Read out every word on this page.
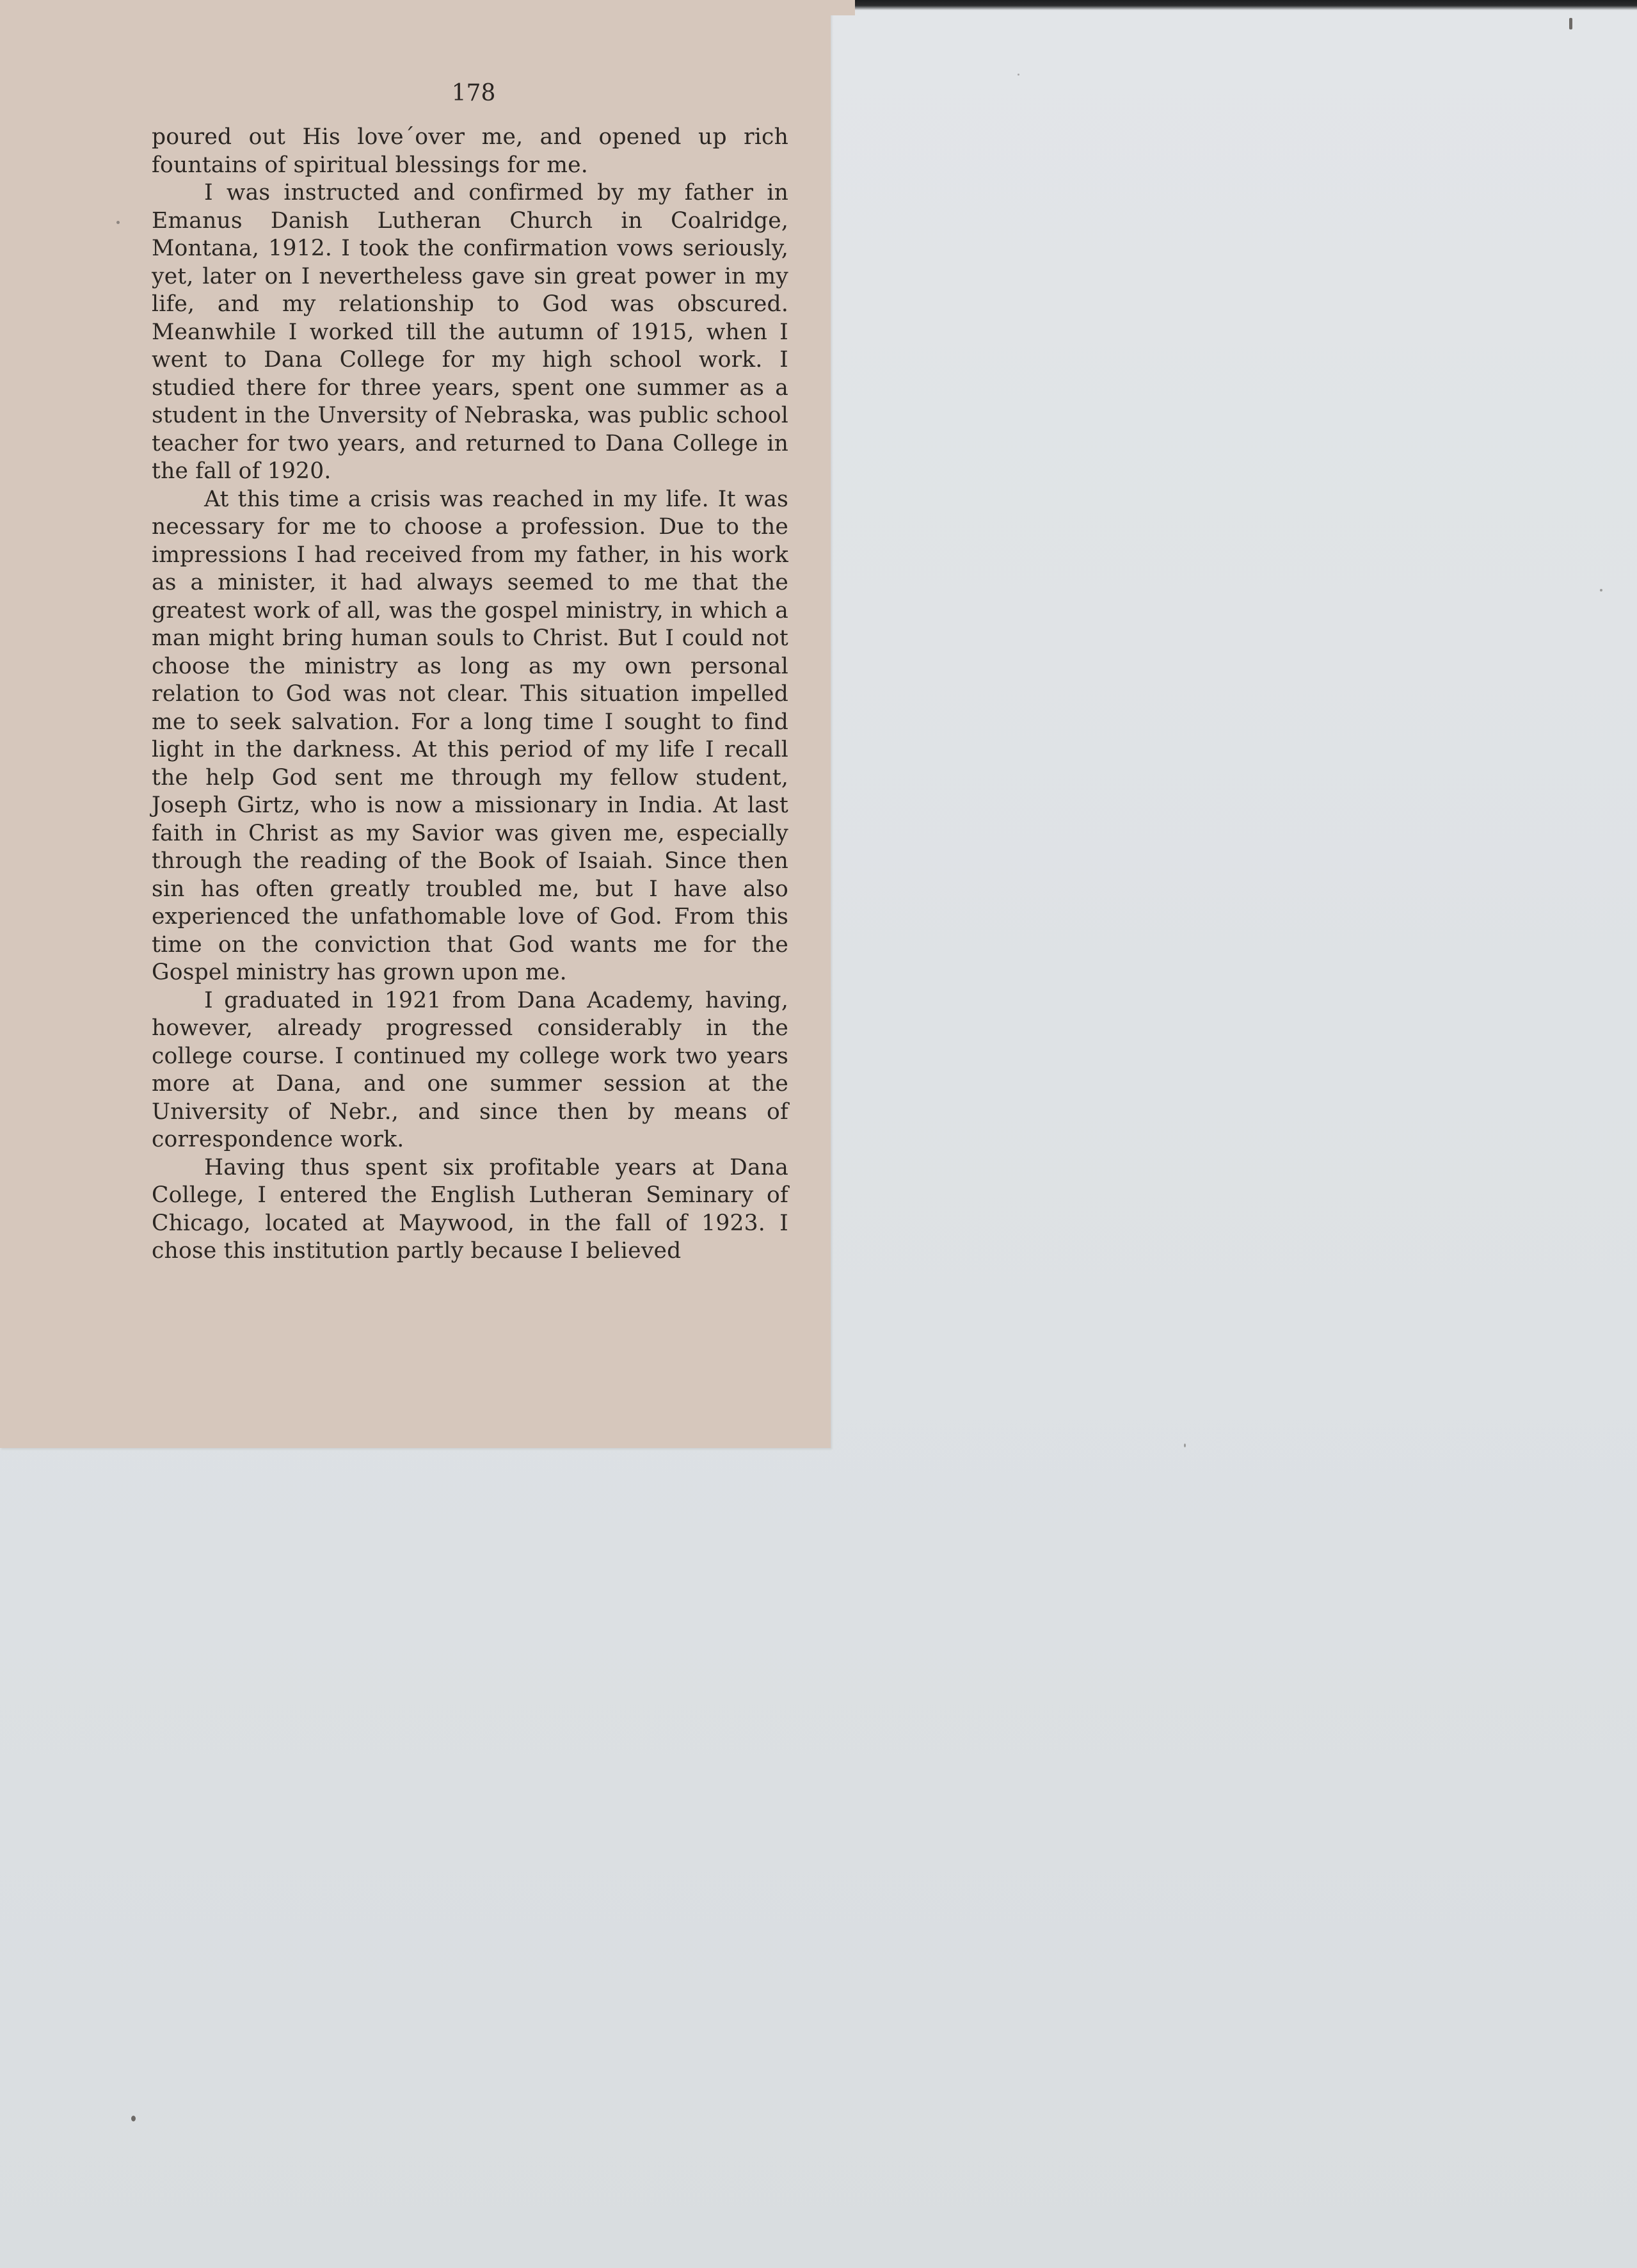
178

poured out His love´over me, and opened up rich fountains of spiritual blessings for me.

I was instructed and confirmed by my father in Emanus Danish Lutheran Church in Coalridge, Montana, 1912. I took the confirmation vows seriously, yet, later on I nevertheless gave sin great power in my life, and my relationship to God was obscured. Meanwhile I worked till the autumn of 1915, when I went to Dana College for my high school work. I studied there for three years, spent one summer as a student in the Unversity of Nebraska, was public school teacher for two years, and returned to Dana College in the fall of 1920.

At this time a crisis was reached in my life. It was necessary for me to choose a profession. Due to the impressions I had received from my father, in his work as a minister, it had always seemed to me that the greatest work of all, was the gospel ministry, in which a man might bring human souls to Christ. But I could not choose the ministry as long as my own personal relation to God was not clear. This situation impelled me to seek salvation. For a long time I sought to find light in the darkness. At this period of my life I recall the help God sent me through my fellow student, Joseph Girtz, who is now a missionary in India. At last faith in Christ as my Savior was given me, especially through the reading of the Book of Isaiah. Since then sin has often greatly troubled me, but I have also experienced the unfathomable love of God. From this time on the conviction that God wants me for the Gospel ministry has grown upon me.

I graduated in 1921 from Dana Academy, having, however, already progressed considerably in the college course. I continued my college work two years more at Dana, and one summer session at the University of Nebr., and since then by means of correspondence work.

Having thus spent six profitable years at Dana College, I entered the English Lutheran Seminary of Chicago, located at Maywood, in the fall of 1923. I chose this institution partly because I believed
